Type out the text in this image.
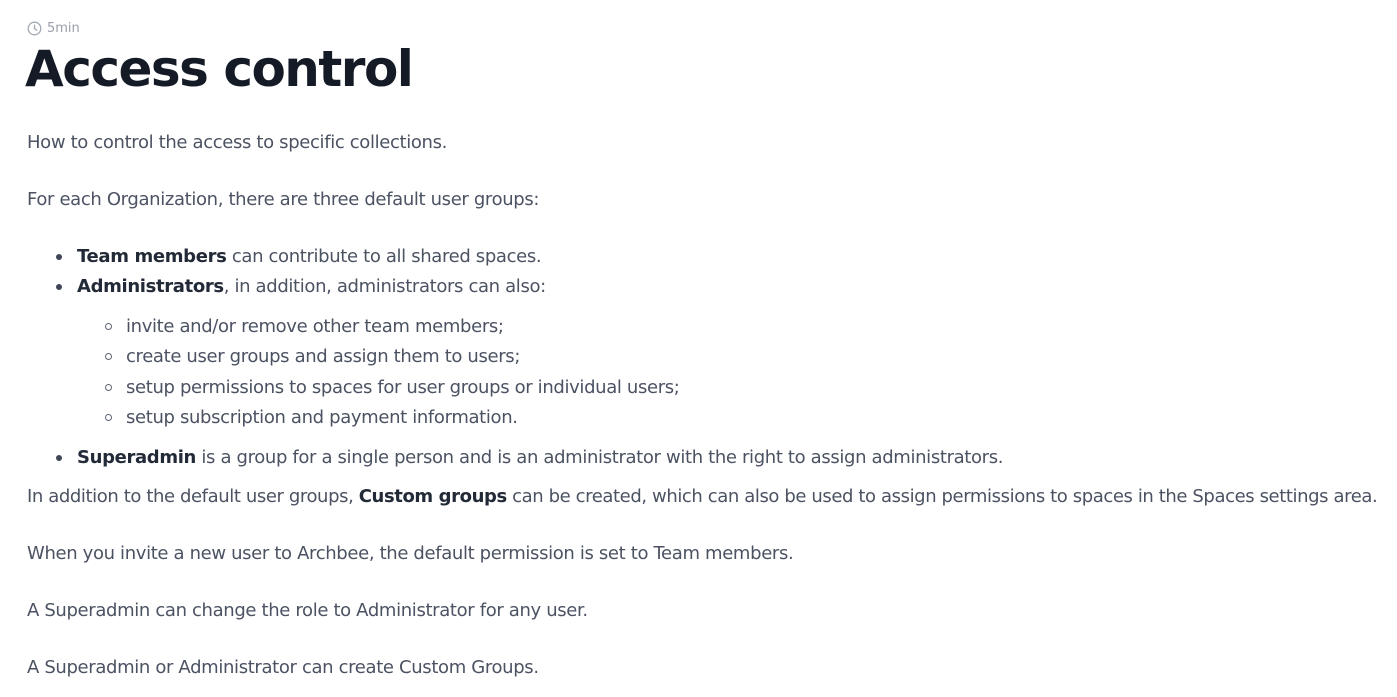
5min
Access control

How to control the access to specific collections.

For each Organization, there are three default user groups:

Team members can contribute to all shared spaces.
Administrators, in addition, administrators can also:
invite and/or remove other team members;
create user groups and assign them to users;
setup permissions to spaces for user groups or individual users;
setup subscription and payment information.
Superadmin is a group for a single person and is an administrator with the right to assign administrators.

In addition to the default user groups, Custom groups can be created, which can also be used to assign permissions to spaces in the Spaces settings area.

When you invite a new user to Archbee, the default permission is set to Team members.

A Superadmin can change the role to Administrator for any user.

A Superadmin or Administrator can create Custom Groups.
